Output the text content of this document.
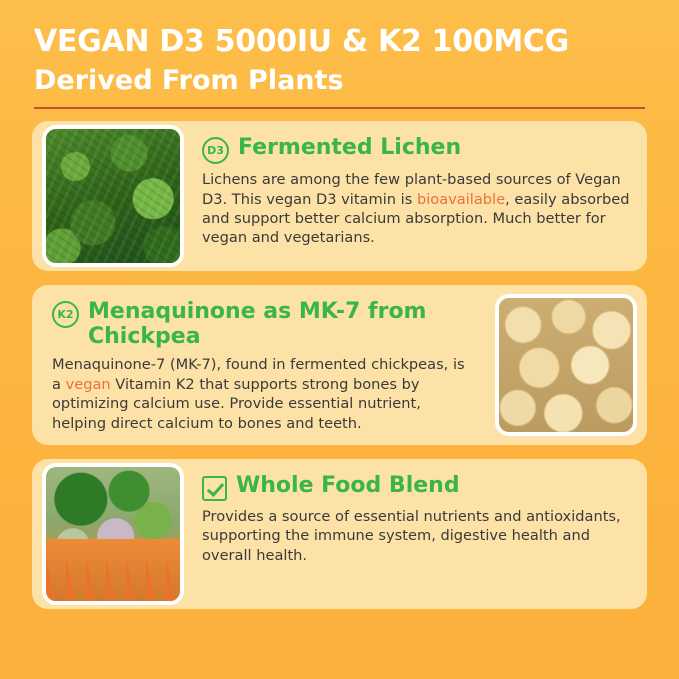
VEGAN D3 5000IU & K2 100MCG
Derived From Plants
D3 Fermented Lichen
Lichens are among the few plant-based sources of Vegan D3. This vegan D3 vitamin is bioavailable, easily absorbed and support better calcium absorption. Much better for vegan and vegetarians.
K2 Menaquinone as MK-7 from Chickpea
Menaquinone-7 (MK-7), found in fermented chickpeas, is a vegan Vitamin K2 that supports strong bones by optimizing calcium use. Provide essential nutrient, helping direct calcium to bones and teeth.
Whole Food Blend
Provides a source of essential nutrients and antioxidants, supporting the immune system, digestive health and overall health.
